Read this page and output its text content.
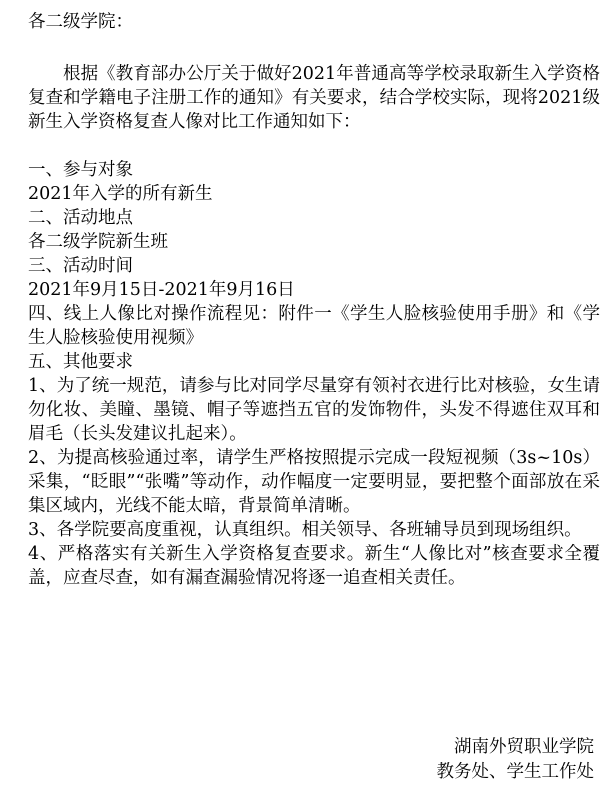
各二级学院：
根据《教育部办公厅关于做好2021年普通高等学校录取新生入学资格复查和学籍电子注册工作的通知》有关要求，结合学校实际，现将2021级新生入学资格复查人像对比工作通知如下：
一、参与对象
2021年入学的所有新生
二、活动地点
各二级学院新生班
三、活动时间
2021年9月15日-2021年9月16日
四、线上人像比对操作流程见：附件一《学生人脸核验使用手册》和《学生人脸核验使用视频》
五、其他要求
1、为了统一规范，请参与比对同学尽量穿有领衬衣进行比对核验，女生请勿化妆、美瞳、墨镜、帽子等遮挡五官的发饰物件，头发不得遮住双耳和眉毛（长头发建议扎起来）。
2、为提高核验通过率，请学生严格按照提示完成一段短视频（3s~10s）采集，“眨眼”“张嘴”等动作，动作幅度一定要明显，要把整个面部放在采集区域内，光线不能太暗，背景简单清晰。
3、各学院要高度重视，认真组织。相关领导、各班辅导员到现场组织。
4、严格落实有关新生入学资格复查要求。新生“人像比对”核查要求全覆盖，应查尽查，如有漏查漏验情况将逐一追查相关责任。
湖南外贸职业学院
教务处、学生工作处
